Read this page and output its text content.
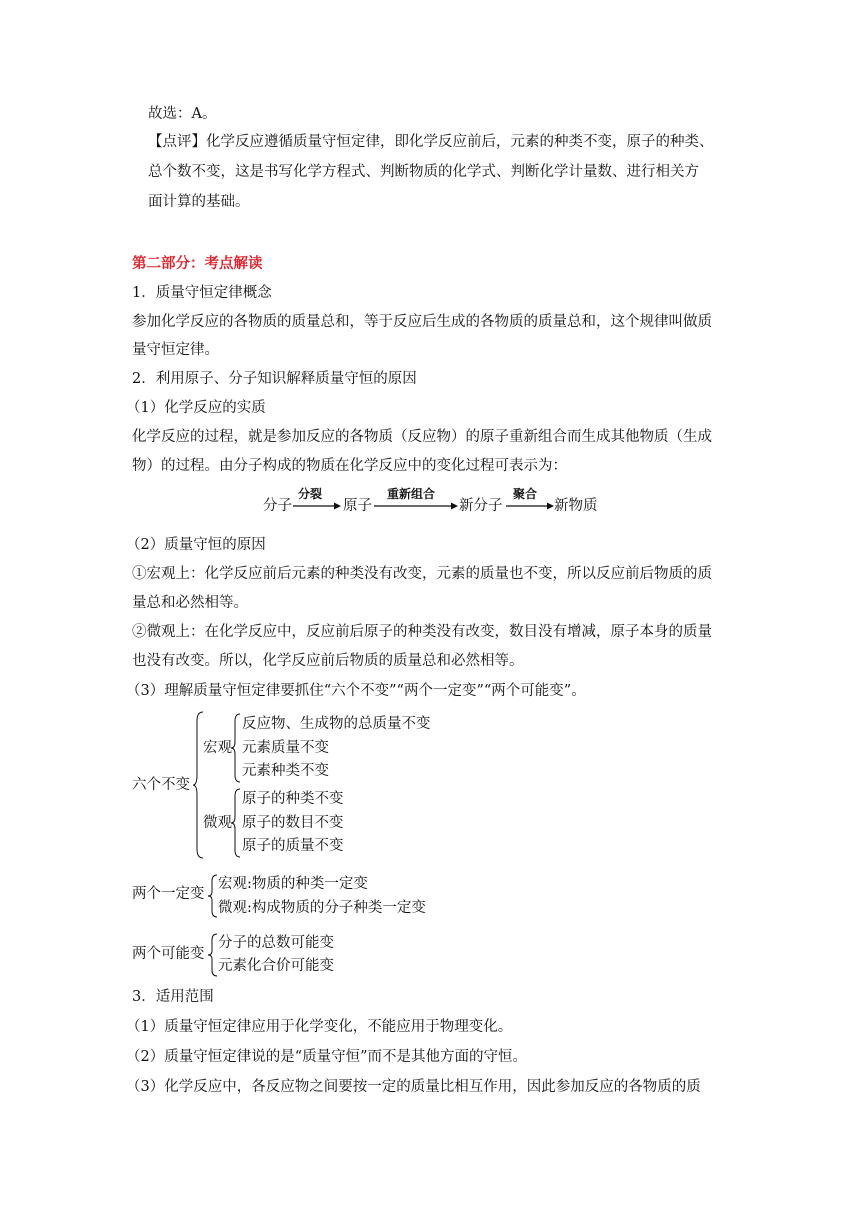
故选：A。
【点评】化学反应遵循质量守恒定律，即化学反应前后，元素的种类不变，原子的种类、
总个数不变，这是书写化学方程式、判断物质的化学式、判断化学计量数、进行相关方
面计算的基础。
第二部分：考点解读
1．质量守恒定律概念
参加化学反应的各物质的质量总和，等于反应后生成的各物质的质量总和，这个规律叫做质
量守恒定律。
2．利用原子、分子知识解释质量守恒的原因
（1）化学反应的实质
化学反应的过程，就是参加反应的各物质（反应物）的原子重新组合而生成其他物质（生成
物）的过程。由分子构成的物质在化学反应中的变化过程可表示为：
分子
分裂
原子
重新组合
新分子
聚合
新物质
（2）质量守恒的原因
①宏观上：化学反应前后元素的种类没有改变，元素的质量也不变，所以反应前后物质的质
量总和必然相等。
②微观上：在化学反应中，反应前后原子的种类没有改变，数目没有增减，原子本身的质量
也没有改变。所以，化学反应前后物质的质量总和必然相等。
（3）理解质量守恒定律要抓住“六个不变”“两个一定变”“两个可能变”。
六个不变
宏观
反应物、生成物的总质量不变
元素质量不变
元素种类不变
微观
原子的种类不变
原子的数目不变
原子的质量不变
两个一定变
宏观:物质的种类一定变
微观:构成物质的分子种类一定变
两个可能变
分子的总数可能变
元素化合价可能变
3．适用范围
（1）质量守恒定律应用于化学变化，不能应用于物理变化。
（2）质量守恒定律说的是“质量守恒”而不是其他方面的守恒。
（3）化学反应中，各反应物之间要按一定的质量比相互作用，因此参加反应的各物质的质
